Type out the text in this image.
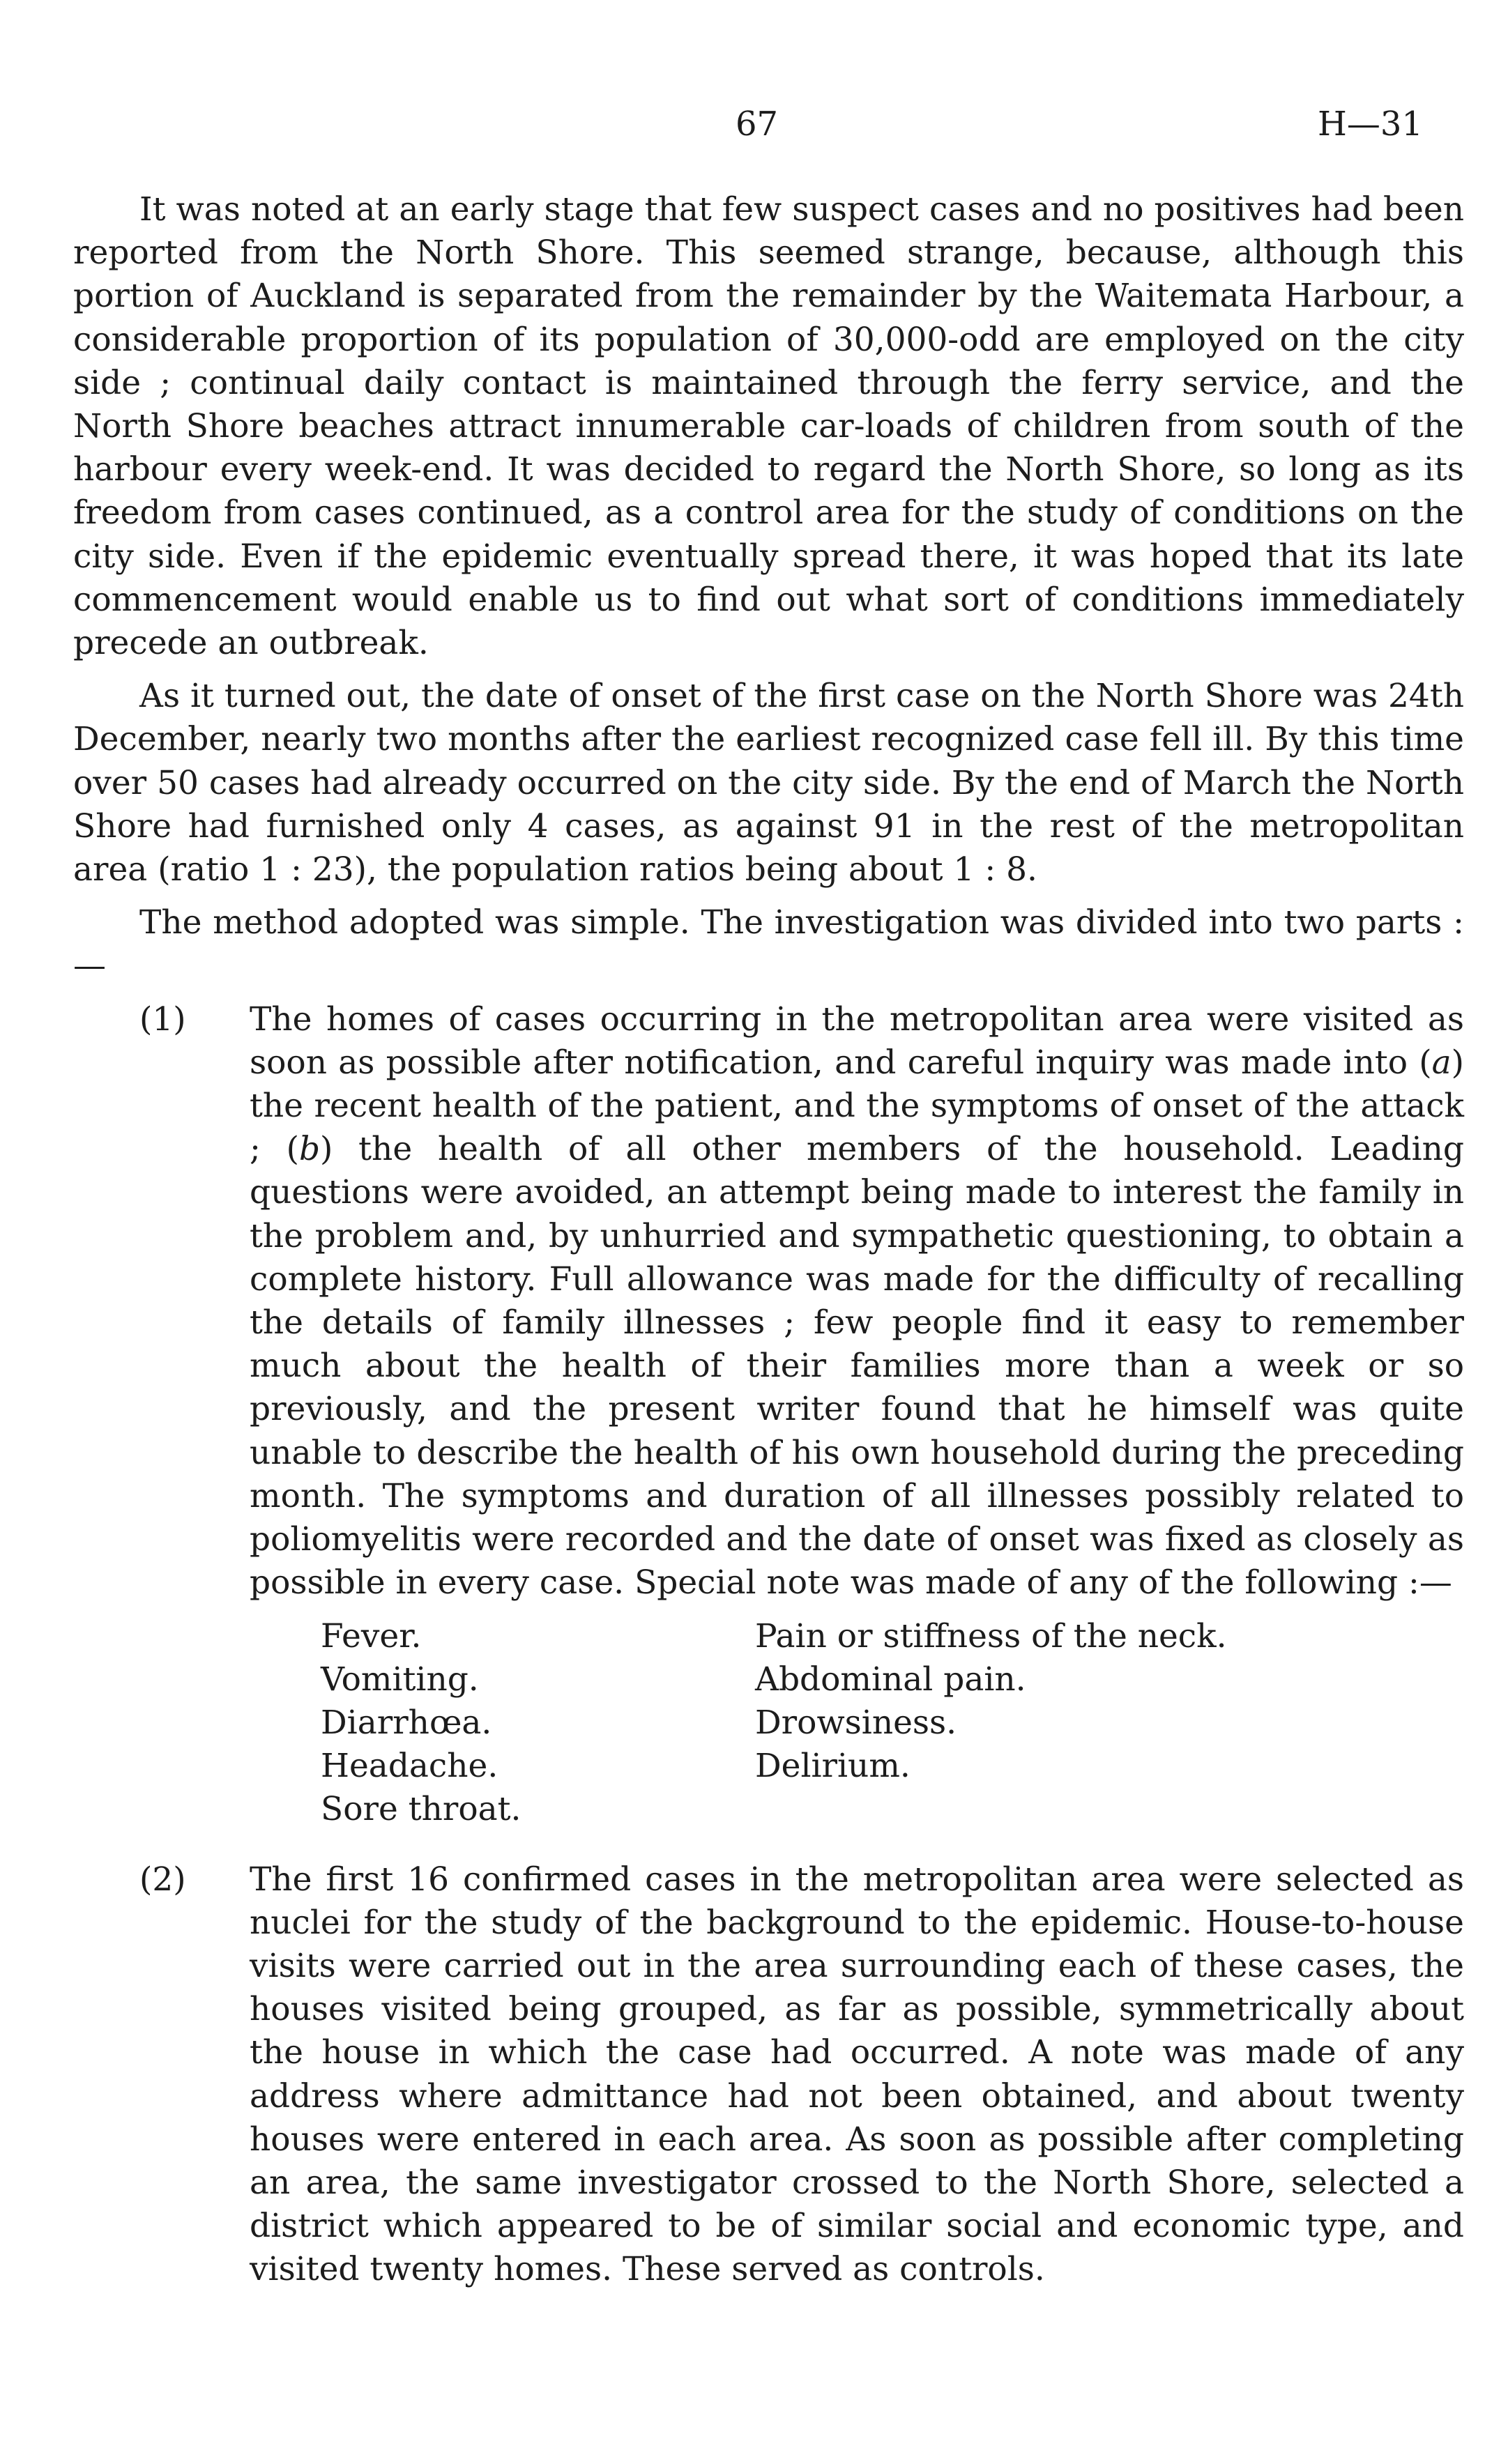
67	H—31

It was noted at an early stage that few suspect cases and no positives had been reported from the North Shore. This seemed strange, because, although this portion of Auckland is separated from the remainder by the Waitemata Harbour, a considerable proportion of its population of 30,000-odd are employed on the city side ; continual daily contact is maintained through the ferry service, and the North Shore beaches attract innumerable car-loads of children from south of the harbour every week-end. It was decided to regard the North Shore, so long as its freedom from cases continued, as a control area for the study of conditions on the city side. Even if the epidemic eventually spread there, it was hoped that its late commencement would enable us to find out what sort of conditions immediately precede an outbreak.

As it turned out, the date of onset of the first case on the North Shore was 24th December, nearly two months after the earliest recognized case fell ill. By this time over 50 cases had already occurred on the city side. By the end of March the North Shore had furnished only 4 cases, as against 91 in the rest of the metropolitan area (ratio 1 : 23), the population ratios being about 1 : 8.

The method adopted was simple. The investigation was divided into two parts :—

(1) The homes of cases occurring in the metropolitan area were visited as soon as possible after notification, and careful inquiry was made into (a) the recent health of the patient, and the symptoms of onset of the attack ; (b) the health of all other members of the household. Leading questions were avoided, an attempt being made to interest the family in the problem and, by unhurried and sympathetic questioning, to obtain a complete history. Full allowance was made for the difficulty of recalling the details of family illnesses ; few people find it easy to remember much about the health of their families more than a week or so previously, and the present writer found that he himself was quite unable to describe the health of his own household during the preceding month. The symptoms and duration of all illnesses possibly related to poliomyelitis were recorded and the date of onset was fixed as closely as possible in every case. Special note was made of any of the following :—
Fever.	Pain or stiffness of the neck.
Vomiting.	Abdominal pain.
Diarrhœa.	Drowsiness.
Headache.	Delirium.
Sore throat.	
(2) The first 16 confirmed cases in the metropolitan area were selected as nuclei for the study of the background to the epidemic. House-to-house visits were carried out in the area surrounding each of these cases, the houses visited being grouped, as far as possible, symmetrically about the house in which the case had occurred. A note was made of any address where admittance had not been obtained, and about twenty houses were entered in each area. As soon as possible after completing an area, the same investigator crossed to the North Shore, selected a district which appeared to be of similar social and economic type, and visited twenty homes. These served as controls.
